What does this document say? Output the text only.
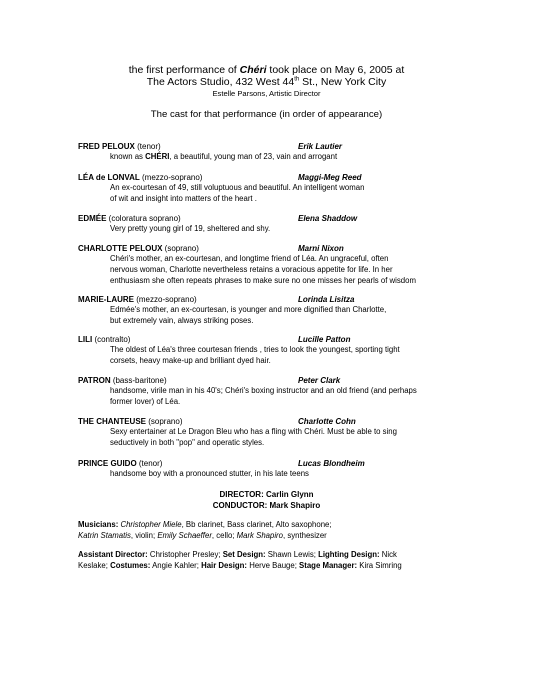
the first performance of Chéri took place on May 6, 2005 at
The Actors Studio, 432 West 44th St., New York City
Estelle Parsons, Artistic Director
The cast for that performance (in order of appearance)
FRED PELOUX (tenor)	Erik Lautier
known as CHÉRI, a beautiful, young man of 23, vain and arrogant
LÉA de LONVAL (mezzo-soprano)	Maggi-Meg Reed
An ex-courtesan of 49, still voluptuous and beautiful. An intelligent woman
of wit and insight into matters of the heart .
EDMÉE (coloratura soprano)	Elena Shaddow
Very pretty young girl of 19, sheltered and shy.
CHARLOTTE PELOUX (soprano)	Marni Nixon
Chéri's mother, an ex-courtesan, and longtime friend of Léa. An ungraceful, often
nervous woman, Charlotte nevertheless retains a voracious appetite for life. In her
enthusiasm she often repeats phrases to make sure no one misses her pearls of wisdom
MARIE-LAURE (mezzo-soprano)	Lorinda Lisitza
Edmée's mother, an ex-courtesan, is younger and more dignified than Charlotte,
but extremely vain, always striking poses.
LILI (contralto)	Lucille Patton
The oldest of Léa's three courtesan friends , tries to look the youngest, sporting tight
corsets, heavy make-up and brilliant dyed hair.
PATRON (bass-baritone)	Peter Clark
handsome, virile man in his 40's; Chéri's boxing instructor and an old friend (and perhaps
former lover) of Léa.
THE CHANTEUSE (soprano)	Charlotte Cohn
Sexy entertainer at Le Dragon Bleu who has a fling with Chéri. Must be able to sing
seductively in both "pop" and operatic styles.
PRINCE GUIDO (tenor)	Lucas Blondheim
handsome boy with a pronounced stutter, in his late teens
DIRECTOR: Carlin Glynn
CONDUCTOR: Mark Shapiro
Musicians: Christopher Miele, Bb clarinet, Bass clarinet, Alto saxophone;
Katrin Stamatis, violin; Emily Schaeffer, cello; Mark Shapiro, synthesizer
Assistant Director: Christopher Presley; Set Design: Shawn Lewis; Lighting Design: Nick
Keslake; Costumes: Angie Kahler; Hair Design: Herve Bauge; Stage Manager: Kira Simring
